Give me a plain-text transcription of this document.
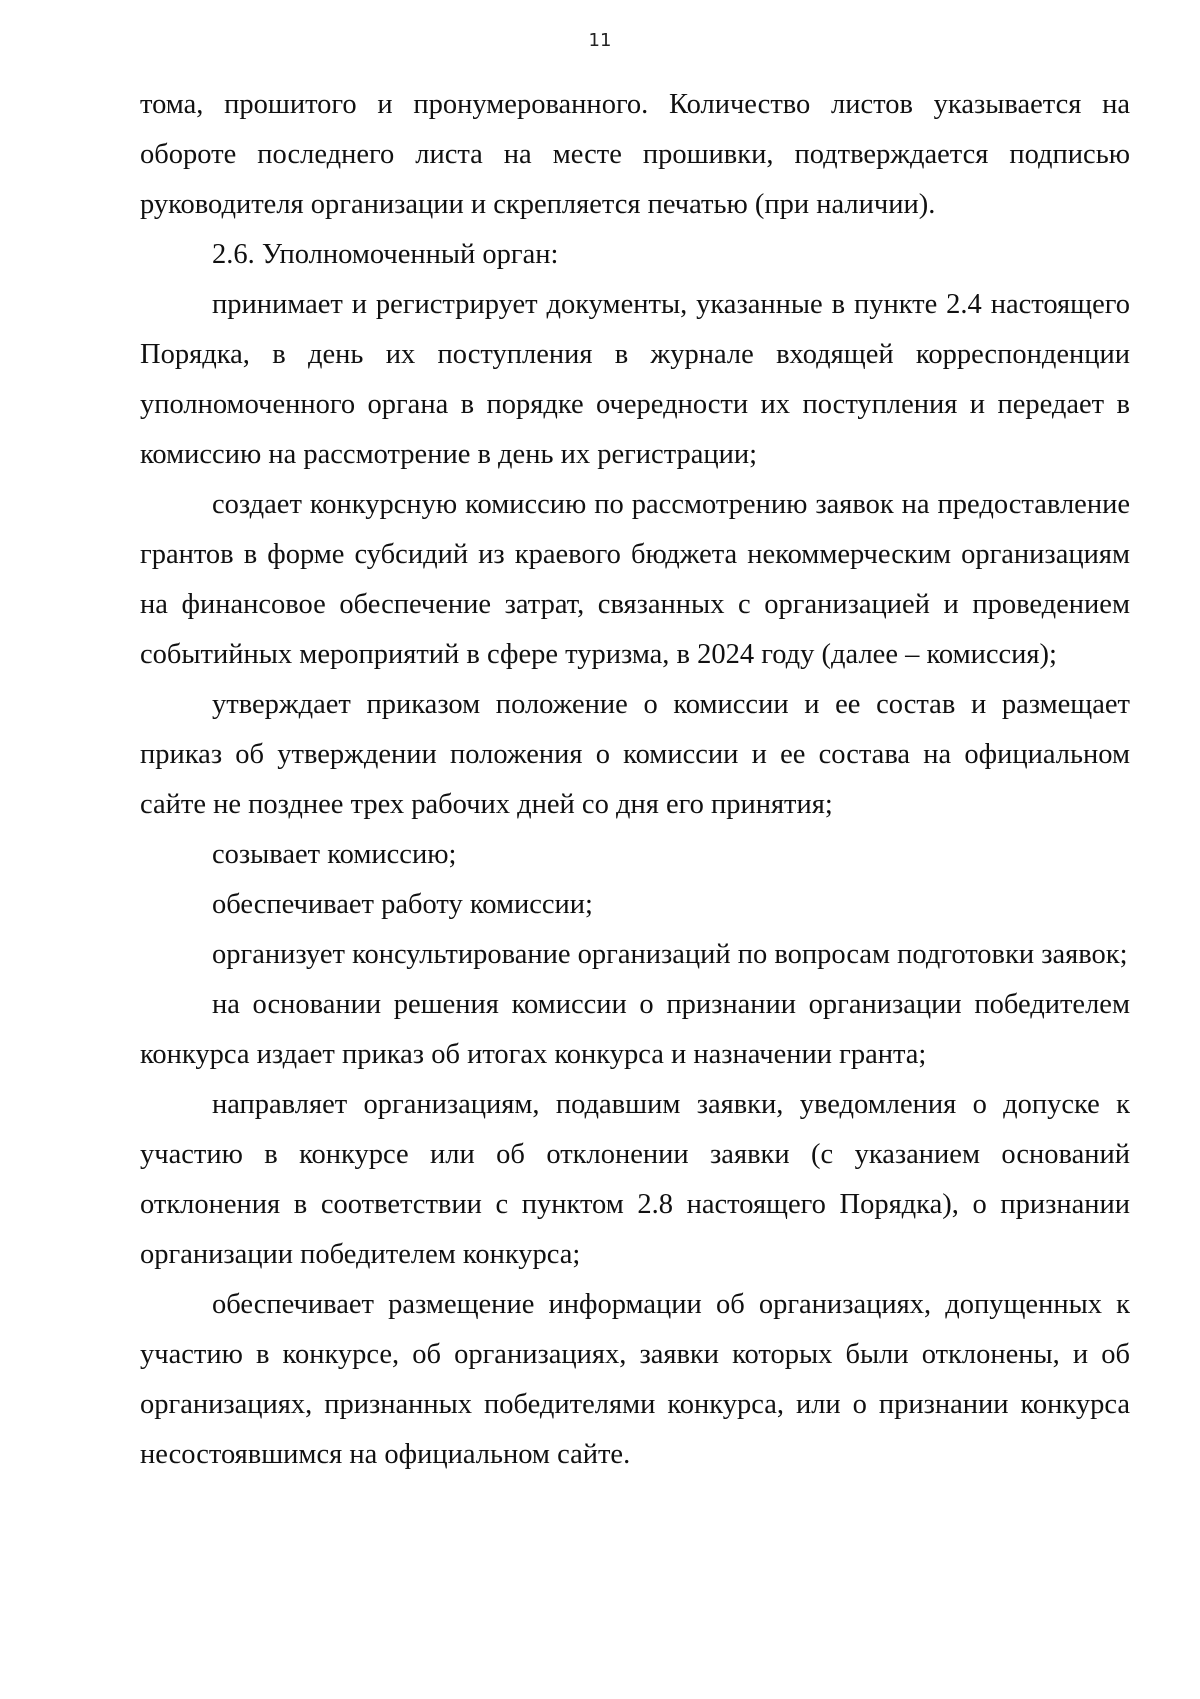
11

тома, прошитого и пронумерованного. Количество листов указывается на обороте последнего листа на месте прошивки, подтверждается подписью руководителя организации и скрепляется печатью (при наличии).

2.6. Уполномоченный орган:

принимает и регистрирует документы, указанные в пункте 2.4 настоящего Порядка, в день их поступления в журнале входящей корреспонденции уполномоченного органа в порядке очередности их поступления и передает в комиссию на рассмотрение в день их регистрации;

создает конкурсную комиссию по рассмотрению заявок на предоставление грантов в форме субсидий из краевого бюджета некоммерческим организациям на финансовое обеспечение затрат, связанных с организацией и проведением событийных мероприятий в сфере туризма, в 2024 году (далее – комиссия);

утверждает приказом положение о комиссии и ее состав и размещает приказ об утверждении положения о комиссии и ее состава на официальном сайте не позднее трех рабочих дней со дня его принятия;

созывает комиссию;

обеспечивает работу комиссии;

организует консультирование организаций по вопросам подготовки заявок;

на основании решения комиссии о признании организации победителем конкурса издает приказ об итогах конкурса и назначении гранта;

направляет организациям, подавшим заявки, уведомления о допуске к участию в конкурсе или об отклонении заявки (с указанием оснований отклонения в соответствии с пунктом 2.8 настоящего Порядка), о признании организации победителем конкурса;

обеспечивает размещение информации об организациях, допущенных к участию в конкурсе, об организациях, заявки которых были отклонены, и об организациях, признанных победителями конкурса, или о признании конкурса несостоявшимся на официальном сайте.
